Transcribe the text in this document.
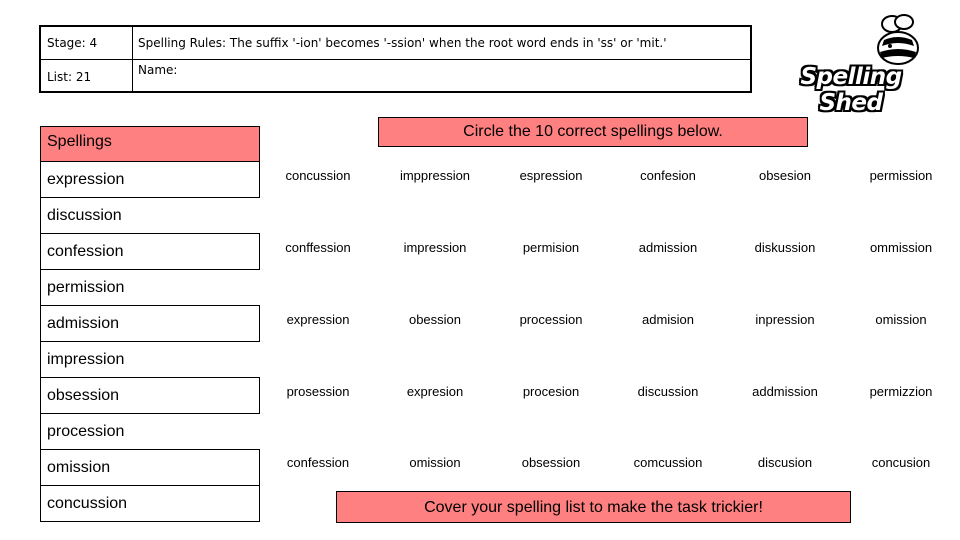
Stage: 4	Spelling Rules: The suffix '-ion' becomes '-ssion' when the root word ends in 'ss' or 'mit.'
List: 21	Name:	Spelling Shed
Spellings
expression
discussion
confession
permission
admission
impression
obsession
procession
omission
concussion
Circle the 10 correct spellings below.
Cover your spelling list to make the task trickier!
concussion	imppression	espression	confesion	obsesion	permission
conffession	impression	permision	admission	diskussion	ommission
expression	obession	procession	admision	inpression	omission
prosession	expresion	procesion	discussion	addmission	permizzion
confession	omission	obsession	comcussion	discusion	concusion
